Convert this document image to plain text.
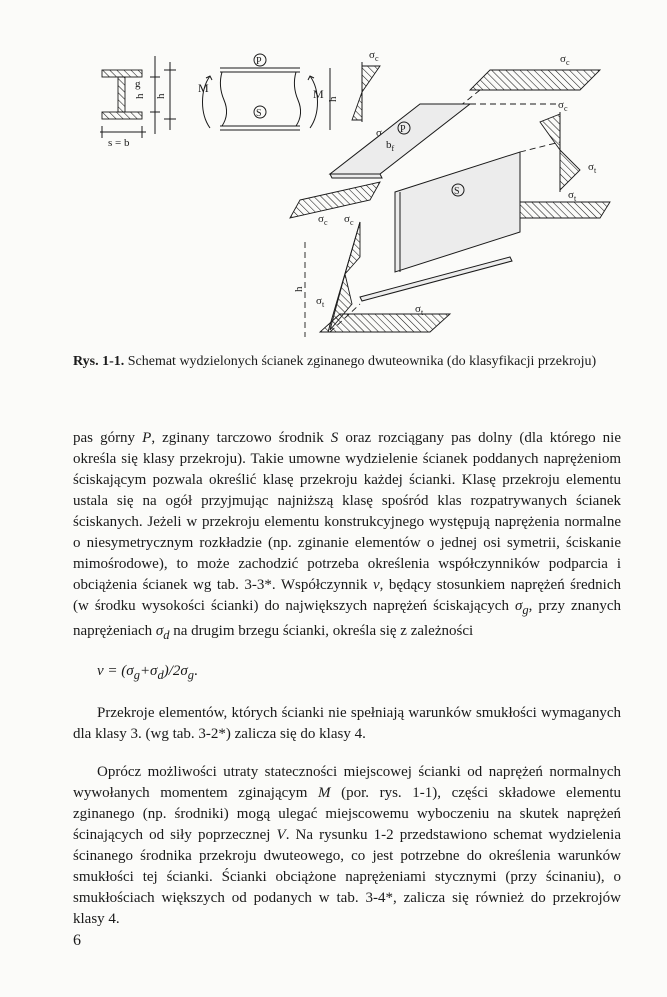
g
h h
s = b
M
P
S
M h
$\sigma_c$
σ
$\sigma_c$
P
$b_f$
$\sigma_c$
$\sigma_t$
$\sigma_t$
S
$\sigma_c$ $\sigma_c$
$\sigma_t$
h
$\sigma_t$
Rys. 1-1. Schemat wydzielonych ścianek zginanego dwuteownika (do klasyfikacji przekroju)

pas górny P, zginany tarczowo środnik S oraz rozciągany pas dolny (dla którego nie określa się klasy przekroju). Takie umowne wydzielenie ścianek poddanych naprężeniom ściskającym pozwala określić klasę przekroju każdej ścianki. Klasę przekroju elementu ustala się na ogół przyjmując najniższą klasę spośród klas rozpatrywanych ścianek ściskanych. Jeżeli w przekroju elementu konstrukcyjnego występują naprężenia normalne o niesymetrycznym rozkładzie (np. zginanie elementów o jednej osi symetrii, ściskanie mimośrodowe), to może zachodzić potrzeba określenia współczynników podparcia i obciążenia ścianek wg tab. 3-3*. Współczynnik ν, będący stosunkiem naprężeń średnich (w środku wysokości ścianki) do największych naprężeń ściskających $\sigma_g$, przy znanych naprężeniach $\sigma_d$ na drugim brzegu ścianki, określa się z zależności

$\nu = (\sigma_g+\sigma_d)/2\sigma_g$.

Przekroje elementów, których ścianki nie spełniają warunków smukłości wymaganych dla klasy 3. (wg tab. 3-2*) zalicza się do klasy 4.

Oprócz możliwości utraty stateczności miejscowej ścianki od naprężeń normalnych wywołanych momentem zginającym M (por. rys. 1-1), części składowe elementu zginanego (np. środniki) mogą ulegać miejscowemu wyboczeniu na skutek naprężeń ścinających od siły poprzecznej V. Na rysunku 1-2 przedstawiono schemat wydzielenia ścinanego środnika przekroju dwuteowego, co jest potrzebne do określenia warunków smukłości tej ścianki. Ścianki obciążone naprężeniami stycznymi (przy ścinaniu), o smukłościach większych od podanych w tab. 3-4*, zalicza się również do przekrojów klasy 4.

6
